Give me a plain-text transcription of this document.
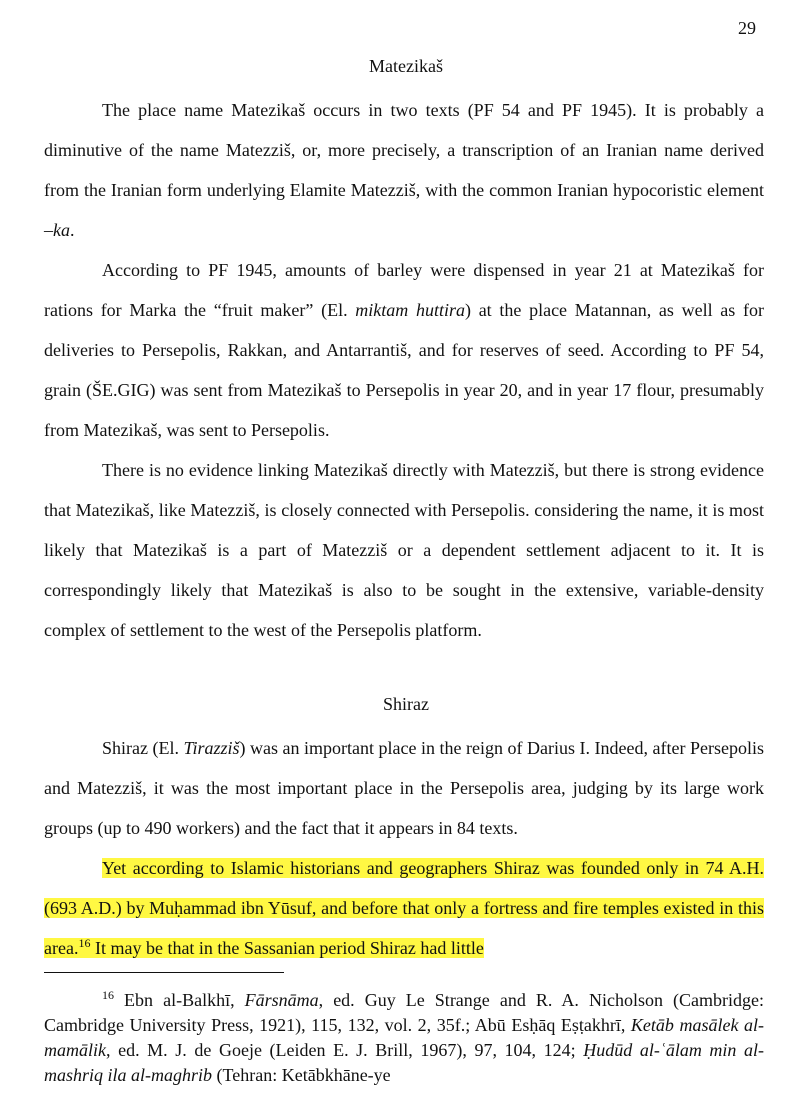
29
Matezikaš

The place name Matezikaš occurs in two texts (PF 54 and PF 1945). It is probably a diminutive of the name Matezziš, or, more precisely, a transcription of an Iranian name derived from the Iranian form underlying Elamite Matezziš, with the common Iranian hypocoristic element –ka.

According to PF 1945, amounts of barley were dispensed in year 21 at Matezikaš for rations for Marka the “fruit maker” (El. miktam huttira) at the place Matannan, as well as for deliveries to Persepolis, Rakkan, and Antarrantiš, and for reserves of seed. According to PF 54, grain (ŠE.GIG) was sent from Matezikaš to Persepolis in year 20, and in year 17 flour, presumably from Matezikaš, was sent to Persepolis.

There is no evidence linking Matezikaš directly with Matezziš, but there is strong evidence that Matezikaš, like Matezziš, is closely connected with Persepolis. considering the name, it is most likely that Matezikaš is a part of Matezziš or a dependent settlement adjacent to it. It is correspondingly likely that Matezikaš is also to be sought in the extensive, variable-density complex of settlement to the west of the Persepolis platform.

Shiraz

Shiraz (El. Tirazziš) was an important place in the reign of Darius I. Indeed, after Persepolis and Matezziš, it was the most important place in the Persepolis area, judging by its large work groups (up to 490 workers) and the fact that it appears in 84 texts.

Yet according to Islamic historians and geographers Shiraz was founded only in 74 A.H. (693 A.D.) by Muḥammad ibn Yūsuf, and before that only a fortress and fire temples existed in this area.$^{16}$ It may be that in the Sassanian period Shiraz had little

$^{16}$ Ebn al-Balkhī, Fārsnāma, ed. Guy Le Strange and R. A. Nicholson (Cambridge: Cambridge University Press, 1921), 115, 132, vol. 2, 35f.; Abū Esḥāq Eṣṭakhrī, Ketāb masālek al-mamālik, ed. M. J. de Goeje (Leiden E. J. Brill, 1967), 97, 104, 124; Ḥudūd al-ʿālam min al-mashriq ila al-maghrib (Tehran: Ketābkhāne-ye
